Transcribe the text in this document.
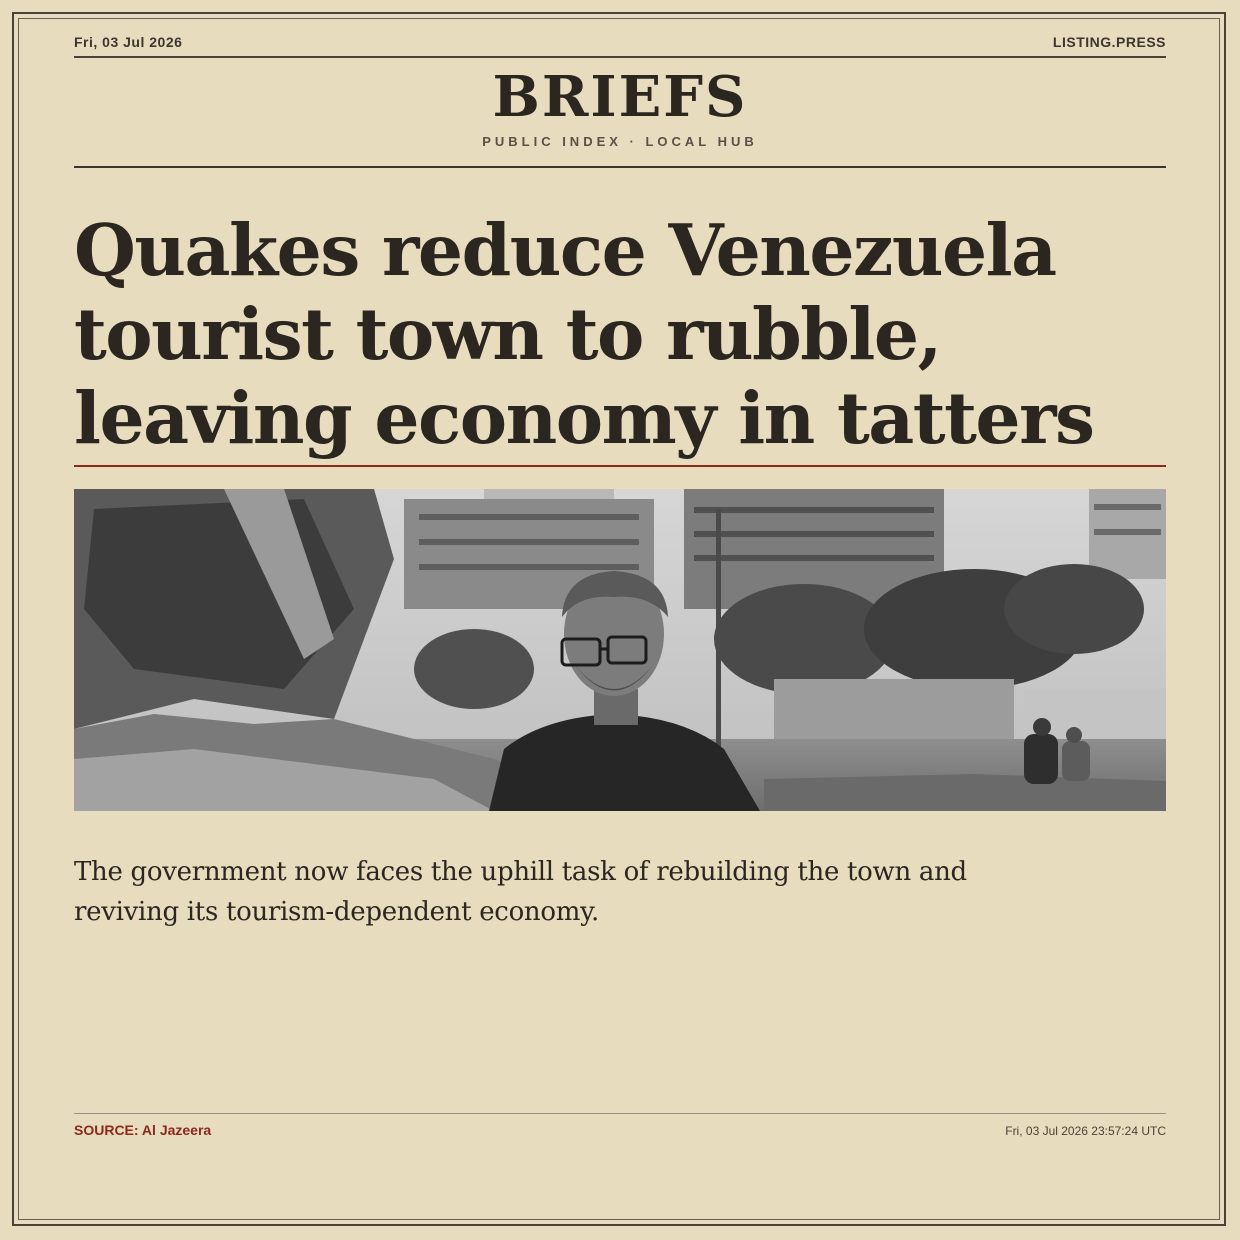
Fri, 03 Jul 2026	LISTING.PRESS
BRIEFS
PUBLIC INDEX · LOCAL HUB
Quakes reduce Venezuela tourist town to rubble, leaving economy in tatters

The government now faces the uphill task of rebuilding the town and reviving its tourism-dependent economy.

SOURCE: Al Jazeera	Fri, 03 Jul 2026 23:57:24 UTC
